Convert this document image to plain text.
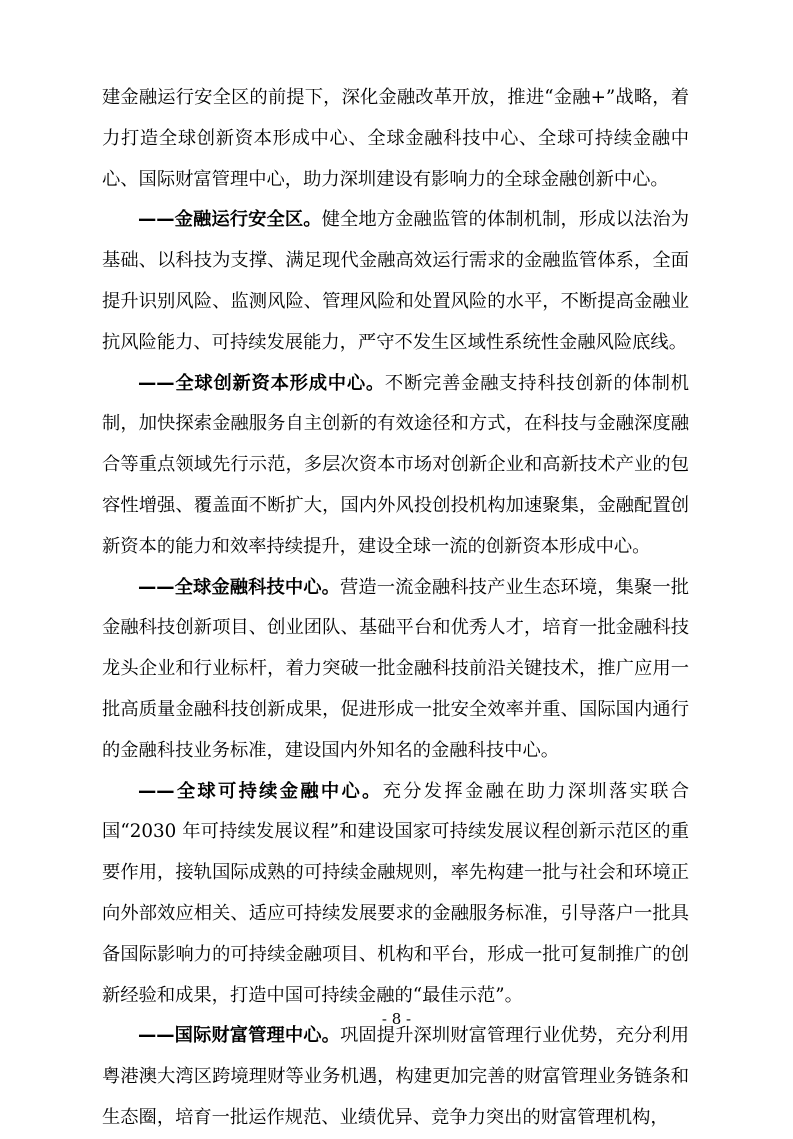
建金融运行安全区的前提下，深化金融改革开放，推进“金融+”战略，着力打造全球创新资本形成中心、全球金融科技中心、全球可持续金融中心、国际财富管理中心，助力深圳建设有影响力的全球金融创新中心。

——金融运行安全区。健全地方金融监管的体制机制，形成以法治为基础、以科技为支撑、满足现代金融高效运行需求的金融监管体系，全面提升识别风险、监测风险、管理风险和处置风险的水平，不断提高金融业抗风险能力、可持续发展能力，严守不发生区域性系统性金融风险底线。

——全球创新资本形成中心。不断完善金融支持科技创新的体制机制，加快探索金融服务自主创新的有效途径和方式，在科技与金融深度融合等重点领域先行示范，多层次资本市场对创新企业和高新技术产业的包容性增强、覆盖面不断扩大，国内外风投创投机构加速聚集，金融配置创新资本的能力和效率持续提升，建设全球一流的创新资本形成中心。

——全球金融科技中心。营造一流金融科技产业生态环境，集聚一批金融科技创新项目、创业团队、基础平台和优秀人才，培育一批金融科技龙头企业和行业标杆，着力突破一批金融科技前沿关键技术，推广应用一批高质量金融科技创新成果，促进形成一批安全效率并重、国际国内通行的金融科技业务标准，建设国内外知名的金融科技中心。

——全球可持续金融中心。充分发挥金融在助力深圳落实联合国“2030 年可持续发展议程”和建设国家可持续发展议程创新示范区的重要作用，接轨国际成熟的可持续金融规则，率先构建一批与社会和环境正向外部效应相关、适应可持续发展要求的金融服务标准，引导落户一批具备国际影响力的可持续金融项目、机构和平台，形成一批可复制推广的创新经验和成果，打造中国可持续金融的“最佳示范”。

——国际财富管理中心。巩固提升深圳财富管理行业优势，充分利用粤港澳大湾区跨境理财等业务机遇，构建更加完善的财富管理业务链条和生态圈，培育一批运作规范、业绩优异、竞争力突出的财富管理机构，

- 8 -
